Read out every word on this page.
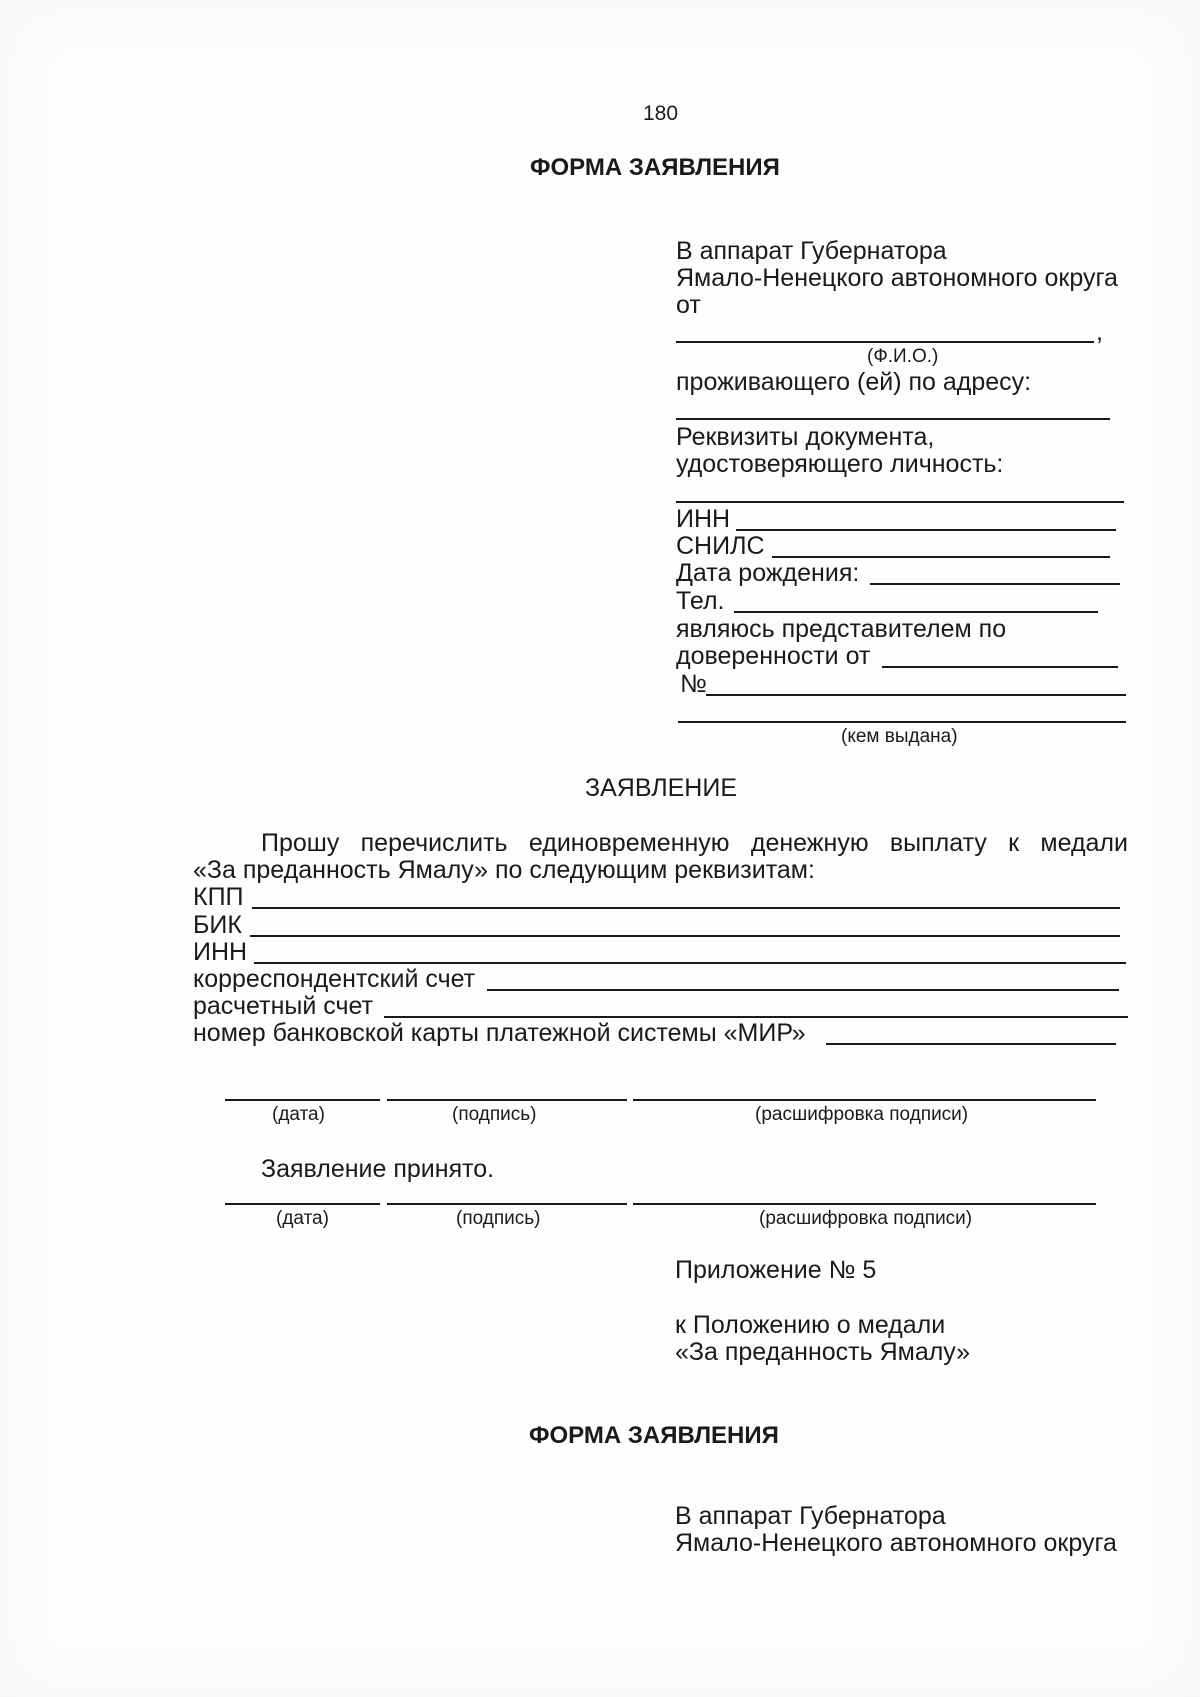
180
ФОРМА ЗАЯВЛЕНИЯ
В аппарат Губернатора
Ямало-Ненецкого автономного округа
от
,
(Ф.И.О.)
проживающего (ей) по адресу:
Реквизиты документа,
удостоверяющего личность:
ИНН
СНИЛС
Дата рождения:
Тел.
являюсь представителем по
доверенности от
№
(кем выдана)
ЗАЯВЛЕНИЕ
Прошу перечислить единовременную денежную выплату к медали
«За преданность Ямалу» по следующим реквизитам:
КПП
БИК
ИНН
корреспондентский счет
расчетный счет
номер банковской карты платежной системы «МИР»
(дата)	(подпись)	(расшифровка подписи)
Заявление принято.
(дата)	(подпись)	(расшифровка подписи)
Приложение № 5
к Положению о медали
«За преданность Ямалу»
ФОРМА ЗАЯВЛЕНИЯ
В аппарат Губернатора
Ямало-Ненецкого автономного округа
